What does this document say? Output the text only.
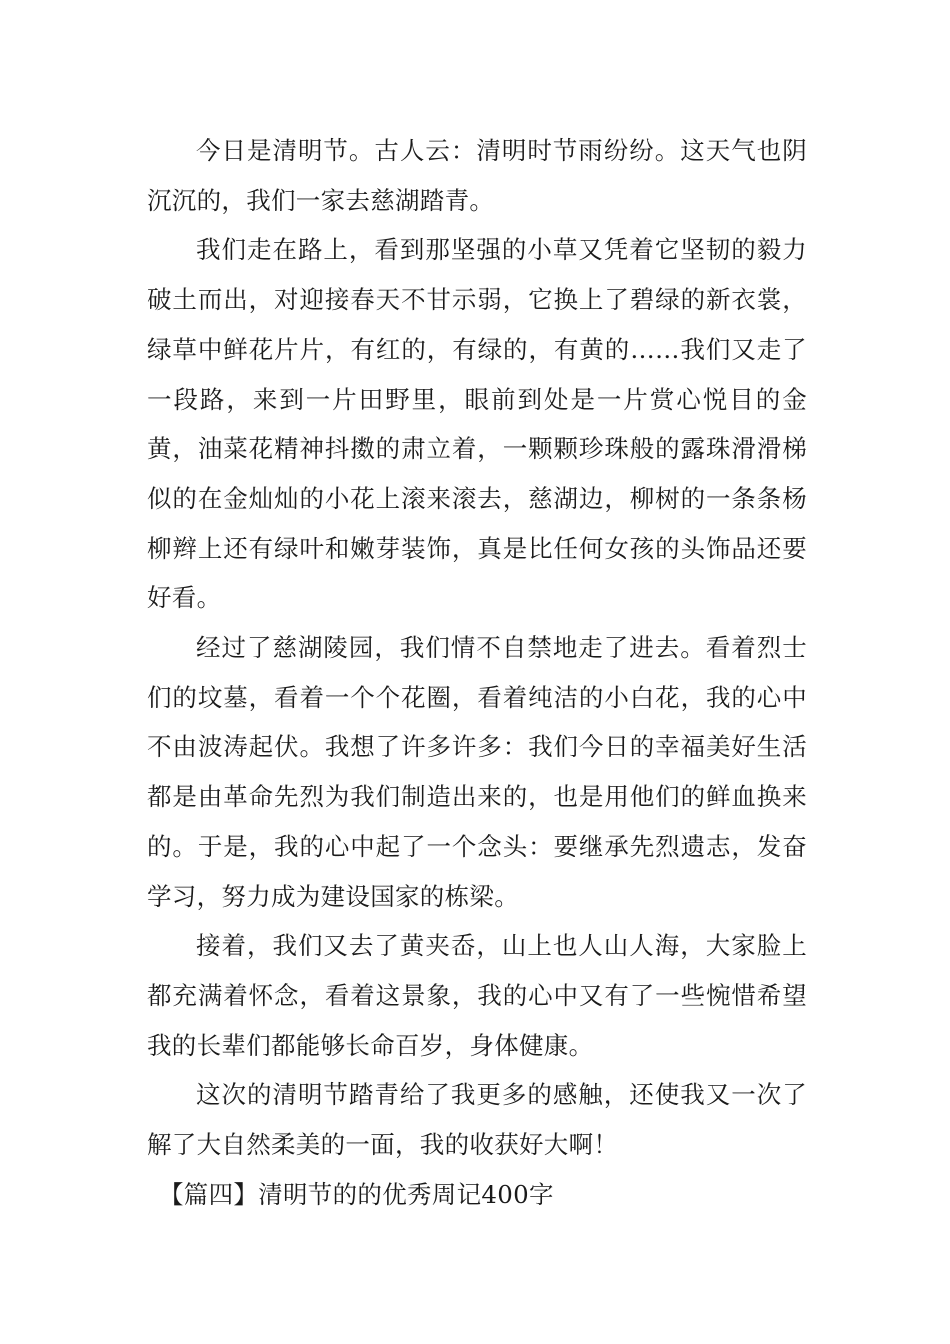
今日是清明节。古人云：清明时节雨纷纷。这天气也阴沉沉的，我们一家去慈湖踏青。

我们走在路上，看到那坚强的小草又凭着它坚韧的毅力破土而出，对迎接春天不甘示弱，它换上了碧绿的新衣裳，绿草中鲜花片片，有红的，有绿的，有黄的……我们又走了一段路，来到一片田野里，眼前到处是一片赏心悦目的金黄，油菜花精神抖擞的肃立着，一颗颗珍珠般的露珠滑滑梯似的在金灿灿的小花上滚来滚去，慈湖边，柳树的一条条杨柳辫上还有绿叶和嫩芽装饰，真是比任何女孩的头饰品还要好看。

经过了慈湖陵园，我们情不自禁地走了进去。看着烈士们的坟墓，看着一个个花圈，看着纯洁的小白花，我的心中不由波涛起伏。我想了许多许多：我们今日的幸福美好生活都是由革命先烈为我们制造出来的，也是用他们的鲜血换来的。于是，我的心中起了一个念头：要继承先烈遗志，发奋学习，努力成为建设国家的栋梁。

接着，我们又去了黄夹岙，山上也人山人海，大家脸上都充满着怀念，看着这景象，我的心中又有了一些惋惜希望我的长辈们都能够长命百岁，身体健康。

这次的清明节踏青给了我更多的感触，还使我又一次了解了大自然柔美的一面，我的收获好大啊！

【篇四】清明节的的优秀周记400字
